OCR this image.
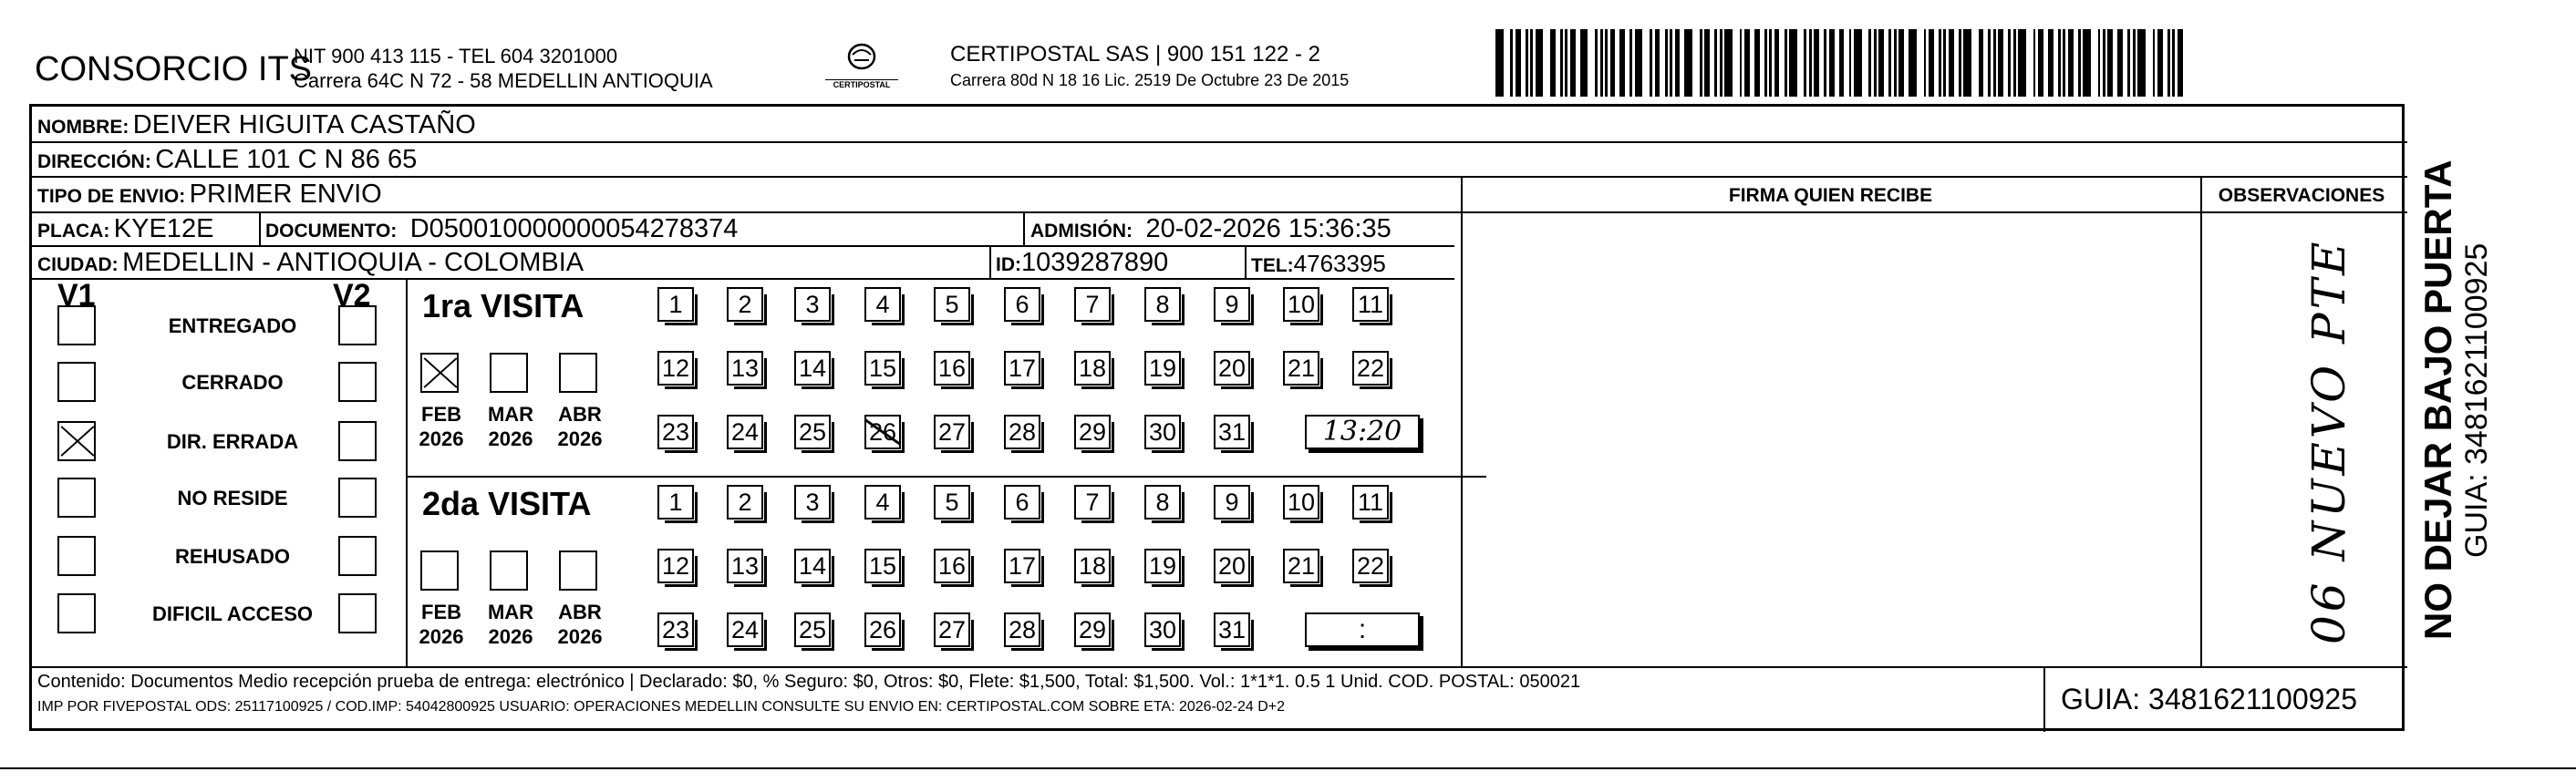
CONSORCIO ITS
NIT 900 413 115 - TEL 604 3201000
Carrera 64C N 72 - 58 MEDELLIN ANTIOQUIA	CERTIPOSTAL
CERTIPOSTAL SAS | 900 151 122 - 2
Carrera 80d N 18 16 Lic. 2519 De Octubre 23 De 2015
NOMBRE: DEIVER HIGUITA CASTAÑO
DIRECCIÓN: CALLE 101 C N 86 65
TIPO DE ENVIO: PRIMER ENVIO	FIRMA QUIEN RECIBE	OBSERVACIONES
PLACA: KYE12E	DOCUMENTO: D050010000000054278374	ADMISIÓN: 20-02-2026 15:36:35
CIUDAD: MEDELLIN - ANTIOQUIA - COLOMBIA	ID:1039287890	TEL:4763395
V1	V2
ENTREGADO
CERRADO
DIR. ERRADA
NO RESIDE
REHUSADO
DIFICIL ACCESO
1ra VISITA
FEB
2026
MAR
2026
ABR
2026
1	2	3	4	5	6	7	8	9	10 11
12 13 14 15 16 17 18 19 20 21 22
23 24 25 26 27 28 29 30 31	13:20
2da VISITA
FEB
2026
MAR
2026
ABR
2026
1	2	3	4	5	6	7	8	9	10 11
12 13 14 15 16 17 18 19 20 21 22
23 24 25 26 27 28 29 30 31	:	06 NUEVO PTE
Contenido: Documentos Medio recepción prueba de entrega: electrónico | Declarado: $0, % Seguro: $0, Otros: $0, Flete: $1,500, Total: $1,500. Vol.: 1*1*1. 0.5 1 Unid. COD. POSTAL: 050021
IMP POR FIVEPOSTAL ODS: 25117100925 / COD.IMP: 54042800925 USUARIO: OPERACIONES MEDELLIN CONSULTE SU ENVIO EN: CERTIPOSTAL.COM SOBRE ETA: 2026-02-24 D+2	GUIA: 3481621100925
NO DEJAR BAJO PUERTA GUIA: 3481621100925
